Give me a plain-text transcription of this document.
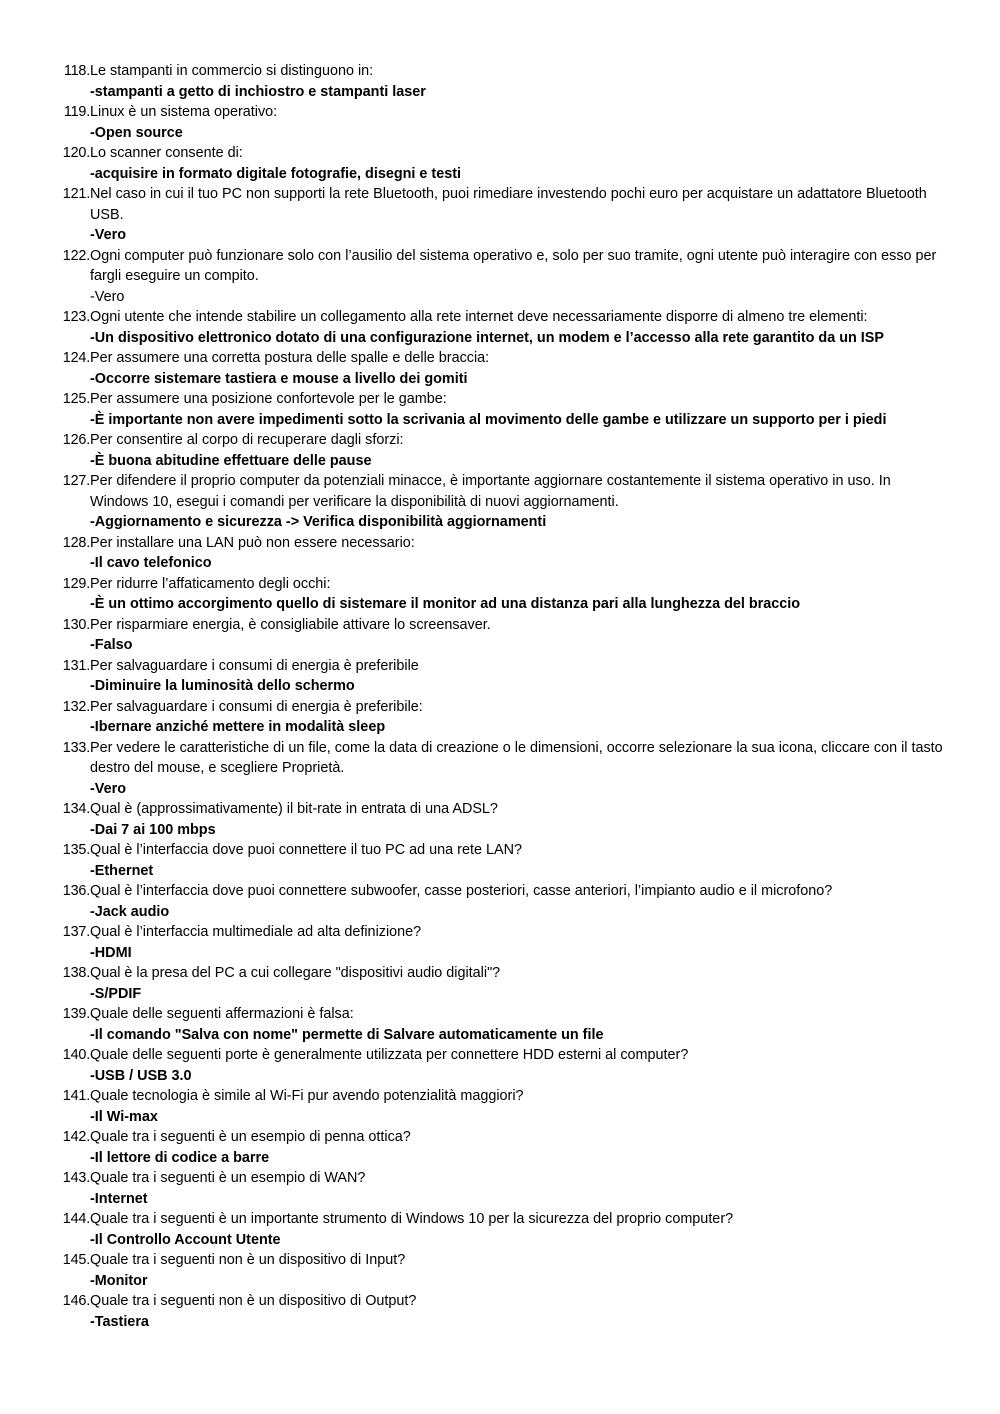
118. Le stampanti in commercio si distinguono in:
-stampanti a getto di inchiostro e stampanti laser
119. Linux è un sistema operativo:
-Open source
120. Lo scanner consente di:
-acquisire in formato digitale fotografie, disegni e testi
121. Nel caso in cui il tuo PC non supporti la rete Bluetooth, puoi rimediare investendo pochi euro per acquistare un adattatore Bluetooth USB.
-Vero
122. Ogni computer può funzionare solo con l’ausilio del sistema operativo e, solo per suo tramite, ogni utente può interagire con esso per fargli eseguire un compito.
-Vero
123. Ogni utente che intende stabilire un collegamento alla rete internet deve necessariamente disporre di almeno tre elementi:
-Un dispositivo elettronico dotato di una configurazione internet, un modem e l’accesso alla rete garantito da un ISP
124. Per assumere una corretta postura delle spalle e delle braccia:
-Occorre sistemare tastiera e mouse a livello dei gomiti
125. Per assumere una posizione confortevole per le gambe:
-È importante non avere impedimenti sotto la scrivania al movimento delle gambe e utilizzare un supporto per i piedi
126. Per consentire al corpo di recuperare dagli sforzi:
-È buona abitudine effettuare delle pause
127. Per difendere il proprio computer da potenziali minacce, è importante aggiornare costantemente il sistema operativo in uso. In Windows 10, esegui i comandi per verificare la disponibilità di nuovi aggiornamenti.
-Aggiornamento e sicurezza -> Verifica disponibilità aggiornamenti
128. Per installare una LAN può non essere necessario:
-Il cavo telefonico
129. Per ridurre l’affaticamento degli occhi:
-È un ottimo accorgimento quello di sistemare il monitor ad una distanza pari alla lunghezza del braccio
130. Per risparmiare energia, è consigliabile attivare lo screensaver.
-Falso
131. Per salvaguardare i consumi di energia è preferibile
-Diminuire la luminosità dello schermo
132. Per salvaguardare i consumi di energia è preferibile:
-Ibernare anziché mettere in modalità sleep
133. Per vedere le caratteristiche di un file, come la data di creazione o le dimensioni, occorre selezionare la sua icona, cliccare con il tasto destro del mouse, e scegliere Proprietà.
-Vero
134. Qual è (approssimativamente) il bit-rate in entrata di una ADSL?
-Dai 7 ai 100 mbps
135. Qual è l’interfaccia dove puoi connettere il tuo PC ad una rete LAN?
-Ethernet
136. Qual è l’interfaccia dove puoi connettere subwoofer, casse posteriori, casse anteriori, l’impianto audio e il microfono?
-Jack audio
137. Qual è l’interfaccia multimediale ad alta definizione?
-HDMI
138. Qual è la presa del PC a cui collegare "dispositivi audio digitali"?
-S/PDIF
139. Quale delle seguenti affermazioni è falsa:
-Il comando "Salva con nome" permette di Salvare automaticamente un file
140. Quale delle seguenti porte è generalmente utilizzata per connettere HDD esterni al computer?
-USB / USB 3.0
141. Quale tecnologia è simile al Wi-Fi pur avendo potenzialità maggiori?
-Il Wi-max
142. Quale tra i seguenti è un esempio di penna ottica?
-Il lettore di codice a barre
143. Quale tra i seguenti è un esempio di WAN?
-Internet
144. Quale tra i seguenti è un importante strumento di Windows 10 per la sicurezza del proprio computer?
-Il Controllo Account Utente
145. Quale tra i seguenti non è un dispositivo di Input?
-Monitor
146. Quale tra i seguenti non è un dispositivo di Output?
-Tastiera
